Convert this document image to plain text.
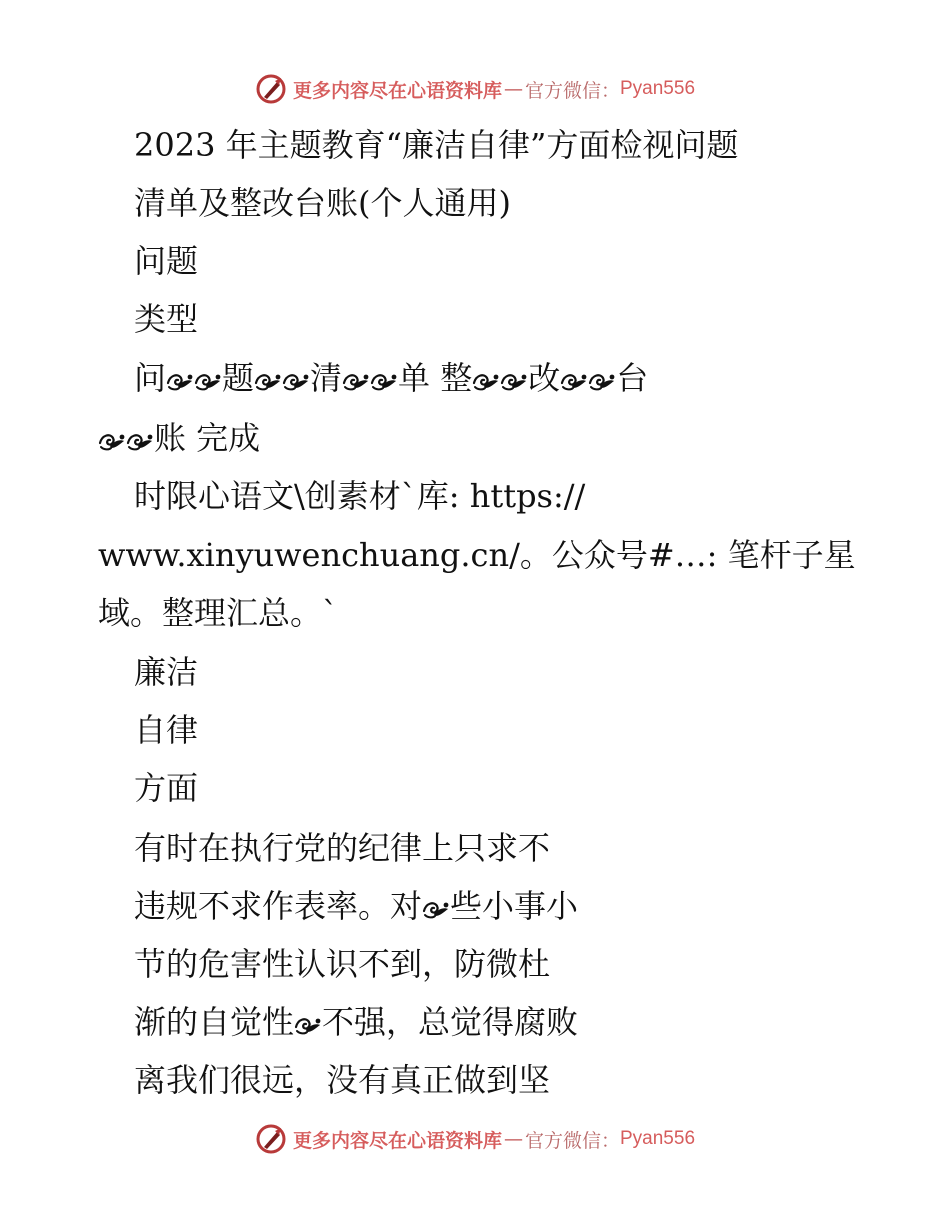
更多内容尽在心语资料库 — 官方微信： Pyan556
2023 年主题教育“廉洁自律”方面检视问题
清单及整改台账(个人通用)
问题
类型
问 题 清 单 整 改 台
账 完成
时限心语文\创素材`库: https://
www.xinyuwenchuang.cn/。公众号#…: 笔杆子星
域。整理汇总。`
廉洁
自律
方面
有时在执行党的纪律上只求不
违规不求作表率。对 些小事小
节的危害性认识不到，防微杜
渐的自觉性 不强，总觉得腐败
离我们很远，没有真正做到坚
更多内容尽在心语资料库 — 官方微信： Pyan556
